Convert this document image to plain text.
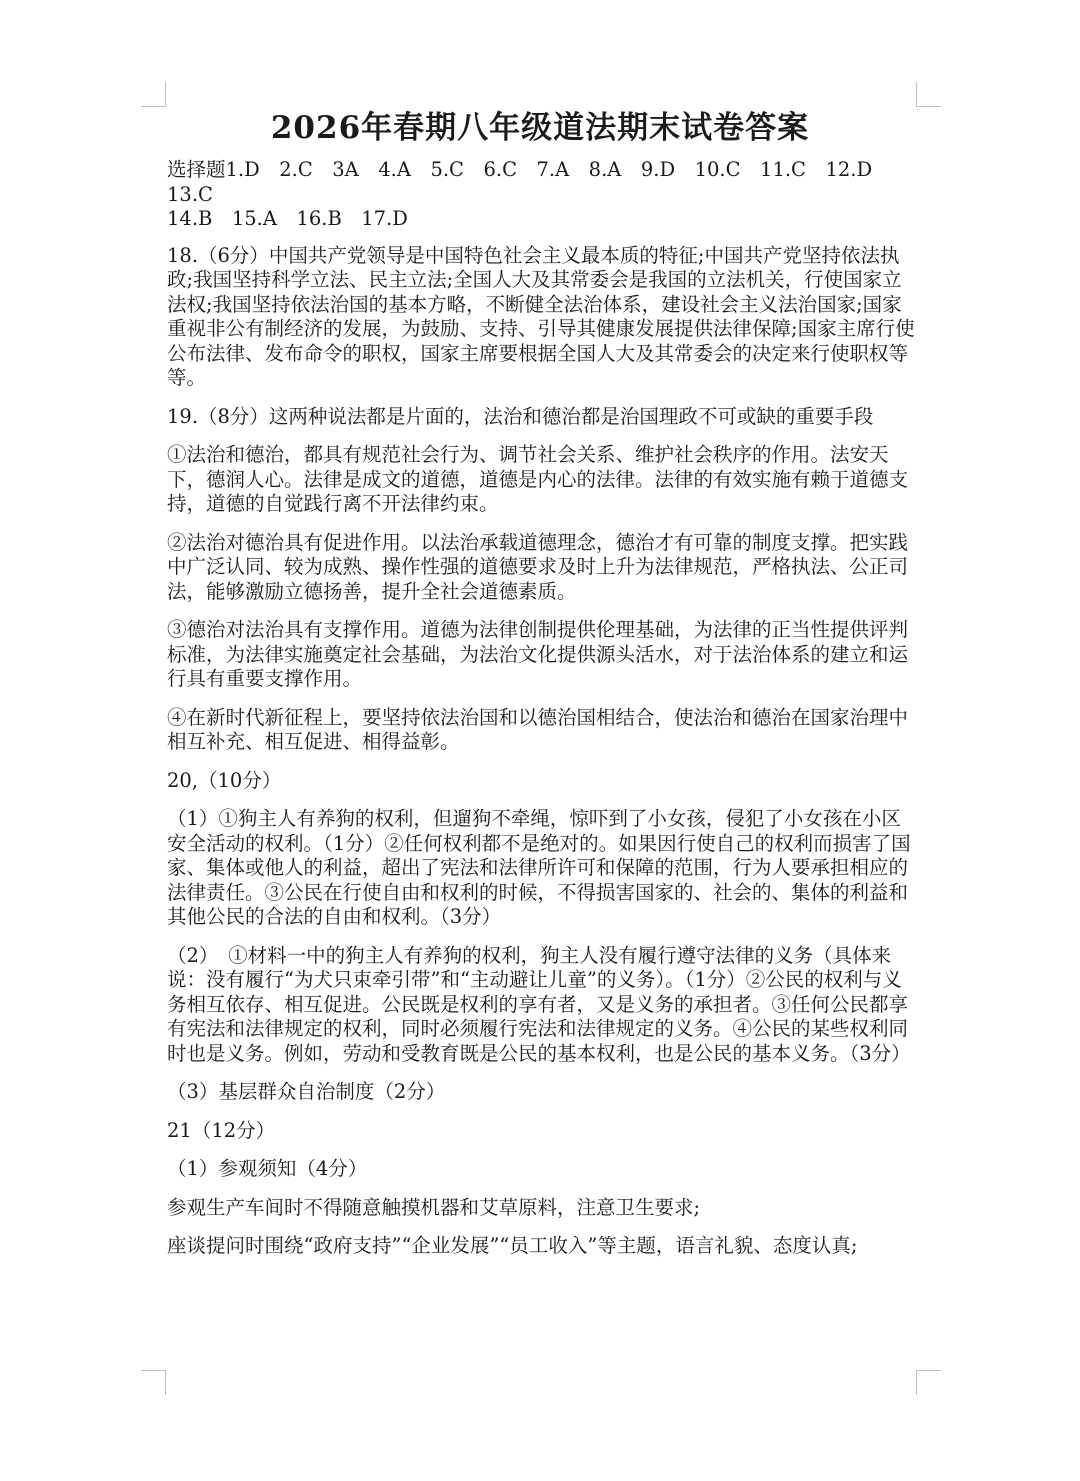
2026年春期八年级道法期末试卷答案

选择题1.D　2.C　3A　4.A　5.C　6.C　7.A　8.A　9.D　10.C　11.C　12.D　13.C
14.B　15.A　16.B　17.D

18.（6分）中国共产党领导是中国特色社会主义最本质的特征;中国共产党坚持依法执政;我国坚持科学立法、民主立法;全国人大及其常委会是我国的立法机关，行使国家立法权;我国坚持依法治国的基本方略，不断健全法治体系，建设社会主义法治国家;国家重视非公有制经济的发展，为鼓励、支持、引导其健康发展提供法律保障;国家主席行使公布法律、发布命令的职权，国家主席要根据全国人大及其常委会的决定来行使职权等等。

19.（8分）这两种说法都是片面的，法治和德治都是治国理政不可或缺的重要手段

①法治和德治，都具有规范社会行为、调节社会关系、维护社会秩序的作用。法安天下，德润人心。法律是成文的道德，道德是内心的法律。法律的有效实施有赖于道德支持，道德的自觉践行离不开法律约束。

②法治对德治具有促进作用。以法治承载道德理念，德治才有可靠的制度支撑。把实践中广泛认同、较为成熟、操作性强的道德要求及时上升为法律规范，严格执法、公正司法，能够激励立德扬善，提升全社会道德素质。

③德治对法治具有支撑作用。道德为法律创制提供伦理基础，为法律的正当性提供评判标准，为法律实施奠定社会基础，为法治文化提供源头活水，对于法治体系的建立和运行具有重要支撑作用。

④在新时代新征程上，要坚持依法治国和以德治国相结合，使法治和德治在国家治理中相互补充、相互促进、相得益彰。

20,（10分）

（1）①狗主人有养狗的权利，但遛狗不牵绳，惊吓到了小女孩，侵犯了小女孩在小区安全活动的权利。（1分）②任何权利都不是绝对的。如果因行使自己的权利而损害了国家、集体或他人的利益，超出了宪法和法律所许可和保障的范围，行为人要承担相应的法律责任。③公民在行使自由和权利的时候，不得损害国家的、社会的、集体的利益和其他公民的合法的自由和权利。（3分）

（2）　①材料一中的狗主人有养狗的权利，狗主人没有履行遵守法律的义务（具体来说：没有履行“为犬只束牵引带”和“主动避让儿童”的义务）。（1分）②公民的权利与义务相互依存、相互促进。公民既是权利的享有者，又是义务的承担者。③任何公民都享有宪法和法律规定的权利，同时必须履行宪法和法律规定的义务。④公民的某些权利同时也是义务。例如，劳动和受教育既是公民的基本权利，也是公民的基本义务。（3分）

（3）基层群众自治制度（2分）

21（12分）

（1）参观须知（4分）

参观生产车间时不得随意触摸机器和艾草原料，注意卫生要求;

座谈提问时围绕“政府支持”“企业发展”“员工收入”等主题，语言礼貌、态度认真;
